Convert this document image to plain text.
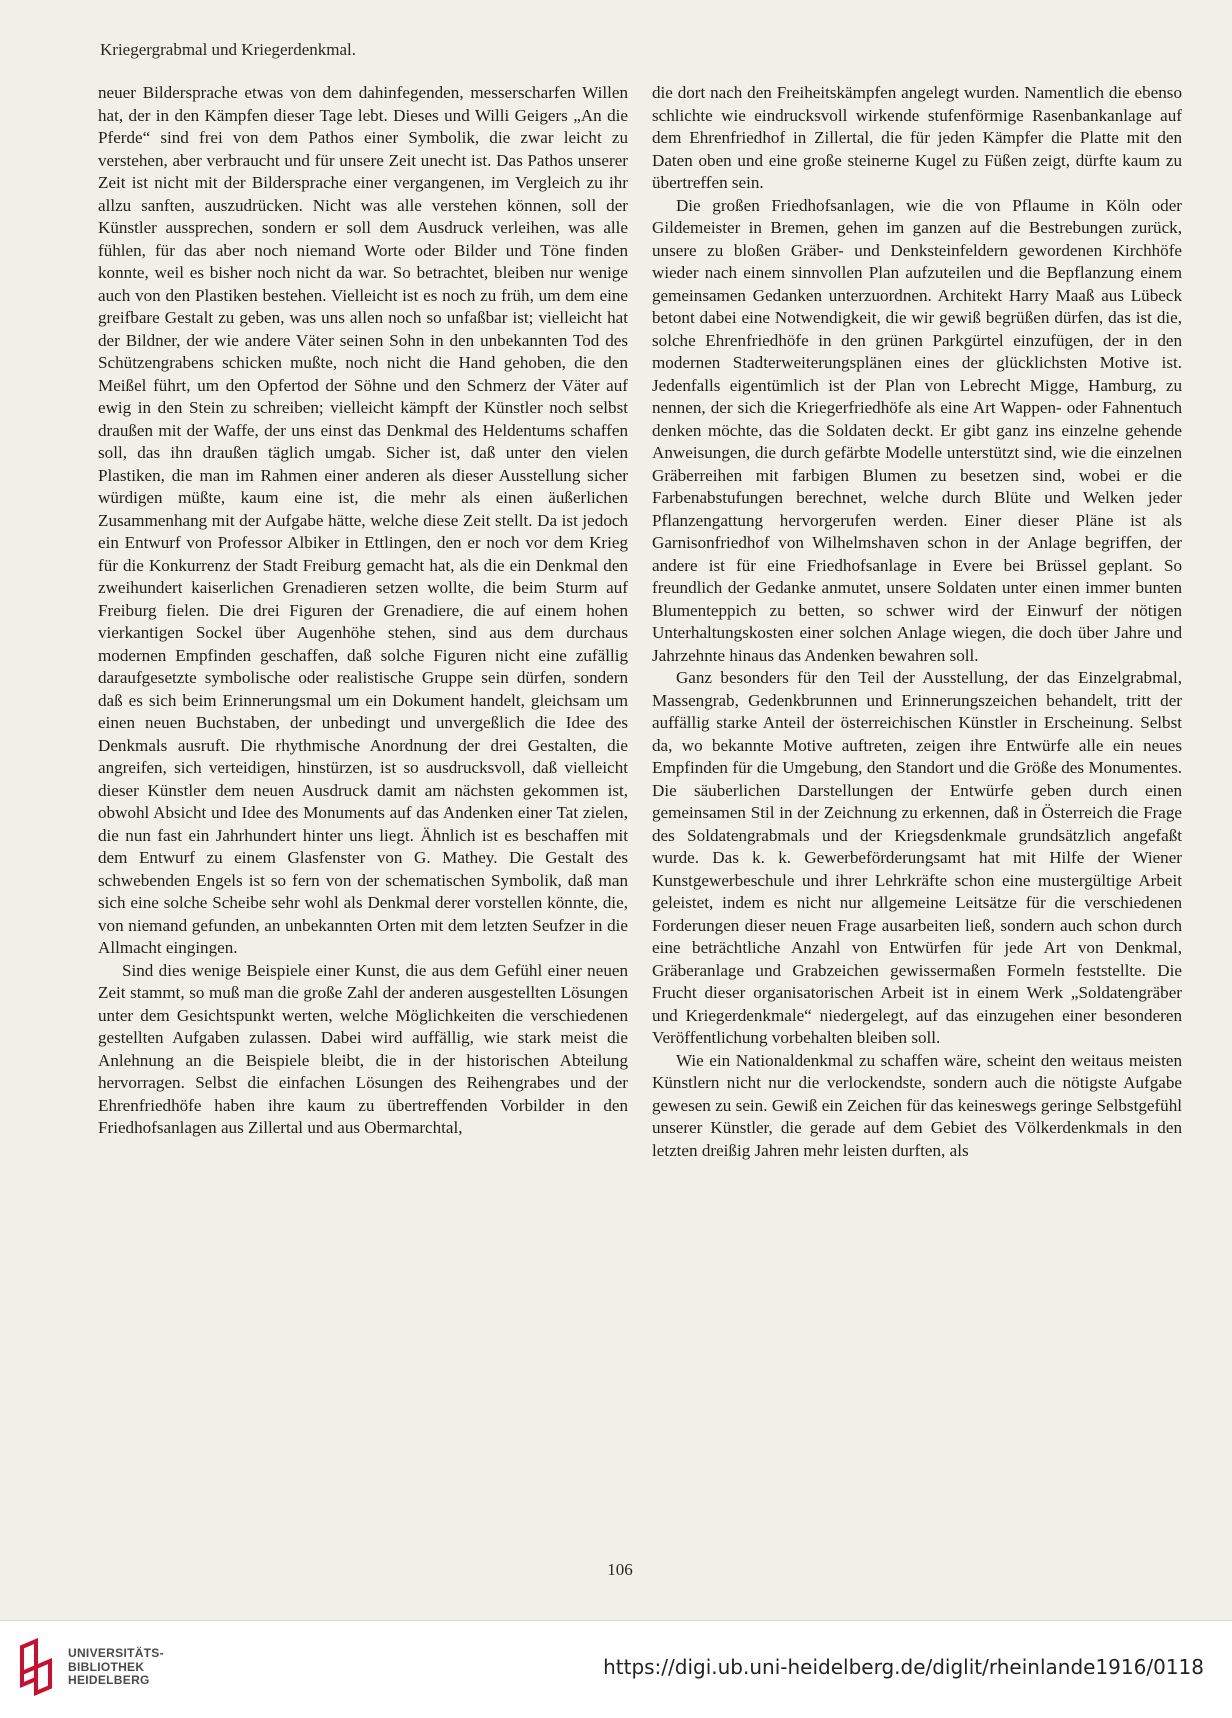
Kriegergrabmal und Kriegerdenkmal.

neuer Bildersprache etwas von dem dahinfegenden, messerscharfen Willen hat, der in den Kämpfen dieser Tage lebt. Dieses und Willi Geigers „An die Pferde“ sind frei von dem Pathos einer Symbolik, die zwar leicht zu verstehen, aber verbraucht und für unsere Zeit unecht ist. Das Pathos unserer Zeit ist nicht mit der Bildersprache einer vergangenen, im Vergleich zu ihr allzu sanften, auszudrücken. Nicht was alle verstehen können, soll der Künstler aussprechen, sondern er soll dem Ausdruck verleihen, was alle fühlen, für das aber noch niemand Worte oder Bilder und Töne finden konnte, weil es bisher noch nicht da war. So betrachtet, bleiben nur wenige auch von den Plastiken bestehen. Vielleicht ist es noch zu früh, um dem eine greifbare Gestalt zu geben, was uns allen noch so unfaßbar ist; vielleicht hat der Bildner, der wie andere Väter seinen Sohn in den unbekannten Tod des Schützengrabens schicken mußte, noch nicht die Hand gehoben, die den Meißel führt, um den Opfertod der Söhne und den Schmerz der Väter auf ewig in den Stein zu schreiben; vielleicht kämpft der Künstler noch selbst draußen mit der Waffe, der uns einst das Denkmal des Heldentums schaffen soll, das ihn draußen täglich umgab. Sicher ist, daß unter den vielen Plastiken, die man im Rahmen einer anderen als dieser Ausstellung sicher würdigen müßte, kaum eine ist, die mehr als einen äußerlichen Zusammenhang mit der Aufgabe hätte, welche diese Zeit stellt. Da ist jedoch ein Entwurf von Professor Albiker in Ettlingen, den er noch vor dem Krieg für die Konkurrenz der Stadt Freiburg gemacht hat, als die ein Denkmal den zweihundert kaiserlichen Grenadieren setzen wollte, die beim Sturm auf Freiburg fielen. Die drei Figuren der Grenadiere, die auf einem hohen vierkantigen Sockel über Augenhöhe stehen, sind aus dem durchaus modernen Empfinden geschaffen, daß solche Figuren nicht eine zufällig daraufgesetzte symbolische oder realistische Gruppe sein dürfen, sondern daß es sich beim Erinnerungsmal um ein Dokument handelt, gleichsam um einen neuen Buchstaben, der unbedingt und unvergeßlich die Idee des Denkmals ausruft. Die rhythmische Anordnung der drei Gestalten, die angreifen, sich verteidigen, hinstürzen, ist so ausdrucksvoll, daß vielleicht dieser Künstler dem neuen Ausdruck damit am nächsten gekommen ist, obwohl Absicht und Idee des Monuments auf das Andenken einer Tat zielen, die nun fast ein Jahrhundert hinter uns liegt. Ähnlich ist es beschaffen mit dem Entwurf zu einem Glasfenster von G. Mathey. Die Gestalt des schwebenden Engels ist so fern von der schematischen Symbolik, daß man sich eine solche Scheibe sehr wohl als Denkmal derer vorstellen könnte, die, von niemand gefunden, an unbekannten Orten mit dem letzten Seufzer in die Allmacht eingingen.

Sind dies wenige Beispiele einer Kunst, die aus dem Gefühl einer neuen Zeit stammt, so muß man die große Zahl der anderen ausgestellten Lösungen unter dem Gesichtspunkt werten, welche Möglichkeiten die verschiedenen gestellten Aufgaben zulassen. Dabei wird auffällig, wie stark meist die Anlehnung an die Beispiele bleibt, die in der historischen Abteilung hervorragen. Selbst die einfachen Lösungen des Reihengrabes und der Ehrenfriedhöfe haben ihre kaum zu übertreffenden Vorbilder in den Friedhofsanlagen aus Zillertal und aus Obermarchtal,

die dort nach den Freiheitskämpfen angelegt wurden. Namentlich die ebenso schlichte wie eindrucksvoll wirkende stufenförmige Rasenbankanlage auf dem Ehrenfriedhof in Zillertal, die für jeden Kämpfer die Platte mit den Daten oben und eine große steinerne Kugel zu Füßen zeigt, dürfte kaum zu übertreffen sein.

Die großen Friedhofsanlagen, wie die von Pflaume in Köln oder Gildemeister in Bremen, gehen im ganzen auf die Bestrebungen zurück, unsere zu bloßen Gräber- und Denksteinfeldern gewordenen Kirchhöfe wieder nach einem sinnvollen Plan aufzuteilen und die Bepflanzung einem gemeinsamen Gedanken unterzuordnen. Architekt Harry Maaß aus Lübeck betont dabei eine Notwendigkeit, die wir gewiß begrüßen dürfen, das ist die, solche Ehrenfriedhöfe in den grünen Parkgürtel einzufügen, der in den modernen Stadterweiterungsplänen eines der glücklichsten Motive ist. Jedenfalls eigentümlich ist der Plan von Lebrecht Migge, Hamburg, zu nennen, der sich die Kriegerfriedhöfe als eine Art Wappen- oder Fahnentuch denken möchte, das die Soldaten deckt. Er gibt ganz ins einzelne gehende Anweisungen, die durch gefärbte Modelle unterstützt sind, wie die einzelnen Gräberreihen mit farbigen Blumen zu besetzen sind, wobei er die Farbenabstufungen berechnet, welche durch Blüte und Welken jeder Pflanzengattung hervorgerufen werden. Einer dieser Pläne ist als Garnisonfriedhof von Wilhelmshaven schon in der Anlage begriffen, der andere ist für eine Friedhofsanlage in Evere bei Brüssel geplant. So freundlich der Gedanke anmutet, unsere Soldaten unter einen immer bunten Blumenteppich zu betten, so schwer wird der Einwurf der nötigen Unterhaltungskosten einer solchen Anlage wiegen, die doch über Jahre und Jahrzehnte hinaus das Andenken bewahren soll.

Ganz besonders für den Teil der Ausstellung, der das Einzelgrabmal, Massengrab, Gedenkbrunnen und Erinnerungszeichen behandelt, tritt der auffällig starke Anteil der österreichischen Künstler in Erscheinung. Selbst da, wo bekannte Motive auftreten, zeigen ihre Entwürfe alle ein neues Empfinden für die Umgebung, den Standort und die Größe des Monumentes. Die säuberlichen Darstellungen der Entwürfe geben durch einen gemeinsamen Stil in der Zeichnung zu erkennen, daß in Österreich die Frage des Soldatengrabmals und der Kriegsdenkmale grundsätzlich angefaßt wurde. Das k. k. Gewerbeförderungsamt hat mit Hilfe der Wiener Kunstgewerbeschule und ihrer Lehrkräfte schon eine mustergültige Arbeit geleistet, indem es nicht nur allgemeine Leitsätze für die verschiedenen Forderungen dieser neuen Frage ausarbeiten ließ, sondern auch schon durch eine beträchtliche Anzahl von Entwürfen für jede Art von Denkmal, Gräberanlage und Grabzeichen gewissermaßen Formeln feststellte. Die Frucht dieser organisatorischen Arbeit ist in einem Werk „Soldatengräber und Kriegerdenkmale“ niedergelegt, auf das einzugehen einer besonderen Veröffentlichung vorbehalten bleiben soll.

Wie ein Nationaldenkmal zu schaffen wäre, scheint den weitaus meisten Künstlern nicht nur die verlockendste, sondern auch die nötigste Aufgabe gewesen zu sein. Gewiß ein Zeichen für das keineswegs geringe Selbstgefühl unserer Künstler, die gerade auf dem Gebiet des Völkerdenkmals in den letzten dreißig Jahren mehr leisten durften, als

106
UNIVERSITÄTS-
BIBLIOTHEK
HEIDELBERG
https://digi.ub.uni-heidelberg.de/diglit/rheinlande1916/0118
